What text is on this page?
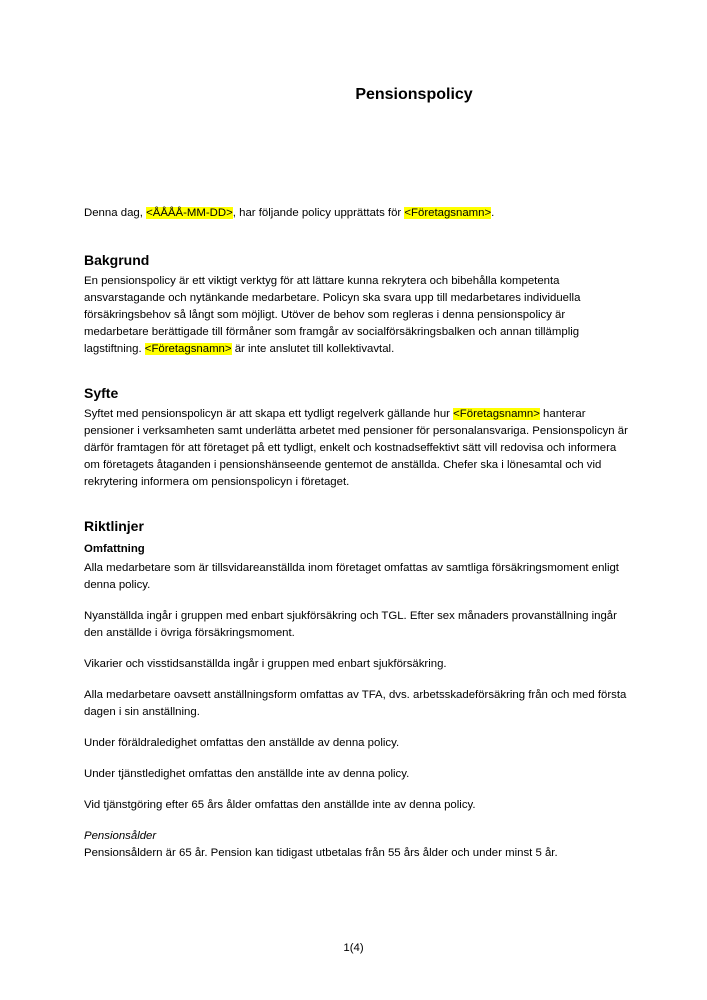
Pensionspolicy

Denna dag, <ÅÅÅÅ-MM-DD>, har följande policy upprättats för <Företagsnamn>.

Bakgrund

En pensionspolicy är ett viktigt verktyg för att lättare kunna rekrytera och bibehålla kompetenta ansvarstagande och nytänkande medarbetare. Policyn ska svara upp till medarbetares individuella försäkringsbehov så långt som möjligt. Utöver de behov som regleras i denna pensionspolicy är medarbetare berättigade till förmåner som framgår av socialförsäkringsbalken och annan tillämplig lagstiftning. <Företagsnamn> är inte anslutet till kollektivavtal.

Syfte

Syftet med pensionspolicyn är att skapa ett tydligt regelverk gällande hur <Företagsnamn> hanterar pensioner i verksamheten samt underlätta arbetet med pensioner för personalansvariga. Pensionspolicyn är därför framtagen för att företaget på ett tydligt, enkelt och kostnadseffektivt sätt vill redovisa och informera om företagets åtaganden i pensionshänseende gentemot de anställda. Chefer ska i lönesamtal och vid rekrytering informera om pensionspolicyn i företaget.

Riktlinjer
Omfattning

Alla medarbetare som är tillsvidareanställda inom företaget omfattas av samtliga försäkringsmoment enligt denna policy.

Nyanställda ingår i gruppen med enbart sjukförsäkring och TGL. Efter sex månaders provanställning ingår den anställde i övriga försäkringsmoment.

Vikarier och visstidsanställda ingår i gruppen med enbart sjukförsäkring.

Alla medarbetare oavsett anställningsform omfattas av TFA, dvs. arbetsskadeförsäkring från och med första dagen i sin anställning.

Under föräldraledighet omfattas den anställde av denna policy.

Under tjänstledighet omfattas den anställde inte av denna policy.

Vid tjänstgöring efter 65 års ålder omfattas den anställde inte av denna policy.

Pensionsålder

Pensionsåldern är 65 år. Pension kan tidigast utbetalas från 55 års ålder och under minst 5 år.

1(4)
